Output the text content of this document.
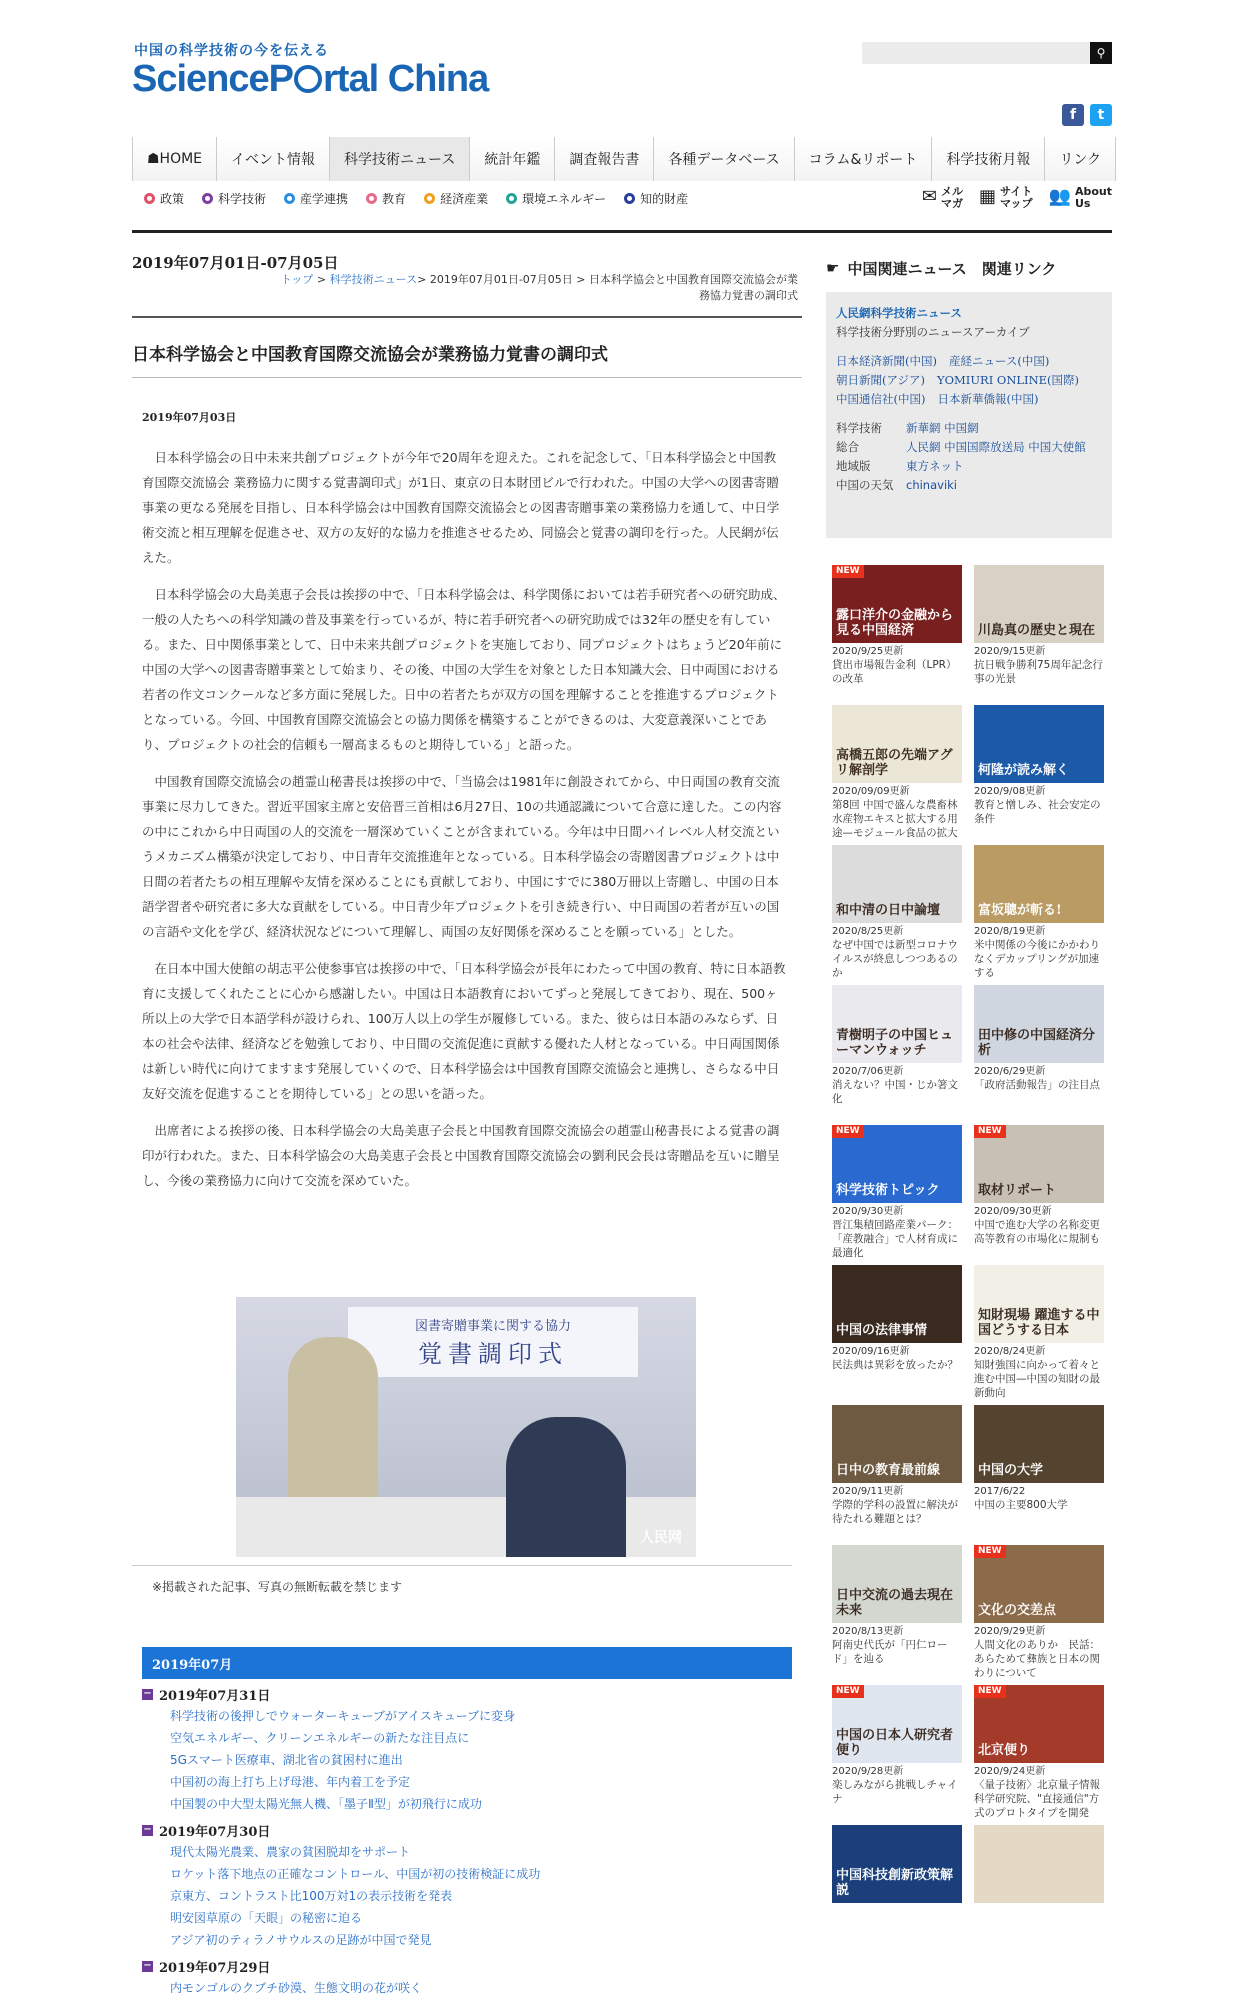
中国の科学技術の今を伝える
ScienceP rtal China
⚲
f	t
☗HOME	イベント情報	科学技術ニュース	統計年鑑	調査報告書	各種データベース	コラム&リポート	科学技術月報	リンク
政策	科学技術	産学連携	教育	経済産業	環境エネルギー	知的財産	✉ メル
マガ ▦ サイト
マップ 👥 About
Us
2019年07月01日-07月05日
トップ > 科学技術ニュース> 2019年07月01日-07月05日 > 日本科学協会と中国教育国際交流協会が業務協力覚書の調印式
日本科学協会と中国教育国際交流協会が業務協力覚書の調印式
2019年07月03日

日本科学協会の日中未来共創プロジェクトが今年で20周年を迎えた。これを記念して、「日本科学協会と中国教育国際交流協会 業務協力に関する覚書調印式」が1日、東京の日本財団ビルで行われた。中国の大学への図書寄贈事業の更なる発展を目指し、日本科学協会は中国教育国際交流協会との図書寄贈事業の業務協力を通して、中日学術交流と相互理解を促進させ、双方の友好的な協力を推進させるため、同協会と覚書の調印を行った。人民網が伝えた。

日本科学協会の大島美恵子会長は挨拶の中で、「日本科学協会は、科学関係においては若手研究者への研究助成、一般の人たちへの科学知識の普及事業を行っているが、特に若手研究者への研究助成では32年の歴史を有している。また、日中関係事業として、日中未来共創プロジェクトを実施しており、同プロジェクトはちょうど20年前に中国の大学への図書寄贈事業として始まり、その後、中国の大学生を対象とした日本知識大会、日中両国における若者の作文コンクールなど多方面に発展した。日中の若者たちが双方の国を理解することを推進するプロジェクトとなっている。今回、中国教育国際交流協会との協力関係を構築することができるのは、大変意義深いことであり、プロジェクトの社会的信頼も一層高まるものと期待している」と語った。

中国教育国際交流協会の趙霊山秘書長は挨拶の中で、「当協会は1981年に創設されてから、中日両国の教育交流事業に尽力してきた。習近平国家主席と安倍晋三首相は6月27日、10の共通認識について合意に達した。この内容の中にこれから中日両国の人的交流を一層深めていくことが含まれている。今年は中日間ハイレベル人材交流というメカニズム構築が決定しており、中日青年交流推進年となっている。日本科学協会の寄贈図書プロジェクトは中日間の若者たちの相互理解や友情を深めることにも貢献しており、中国にすでに380万冊以上寄贈し、中国の日本語学習者や研究者に多大な貢献をしている。中日青少年プロジェクトを引き続き行い、中日両国の若者が互いの国の言語や文化を学び、経済状況などについて理解し、両国の友好関係を深めることを願っている」とした。

在日本中国大使館の胡志平公使参事官は挨拶の中で、「日本科学協会が長年にわたって中国の教育、特に日本語教育に支援してくれたことに心から感謝したい。中国は日本語教育においてずっと発展してきており、現在、500ヶ所以上の大学で日本語学科が設けられ、100万人以上の学生が履修している。また、彼らは日本語のみならず、日本の社会や法律、経済などを勉強しており、中日間の交流促進に貢献する優れた人材となっている。中日両国関係は新しい時代に向けてますます発展していくので、日本科学協会は中国教育国際交流協会と連携し、さらなる中日友好交流を促進することを期待している」との思いを語った。

出席者による挨拶の後、日本科学協会の大島美恵子会長と中国教育国際交流協会の趙霊山秘書長による覚書の調印が行われた。また、日本科学協会の大島美恵子会長と中国教育国際交流協会の劉利民会長は寄贈品を互いに贈呈し、今後の業務協力に向けて交流を深めていた。

図書寄贈事業に関する協力
覚書調印式
人民网
※掲載された記事、写真の無断転載を禁じます
2019年07月
− 2019年07月31日
科学技術の後押しでウォーターキューブがアイスキューブに変身
空気エネルギー、クリーンエネルギーの新たな注目点に
5Gスマート医療車、湖北省の貧困村に進出
中国初の海上打ち上げ母港、年内着工を予定
中国製の中大型太陽光無人機、「墨子Ⅱ型」が初飛行に成功
− 2019年07月30日
現代太陽光農業、農家の貧困脱却をサポート
ロケット落下地点の正確なコントロール、中国が初の技術検証に成功
京東方、コントラスト比100万対1の表示技術を発表
明安図草原の「天眼」の秘密に迫る
アジア初のティラノサウルスの足跡が中国で発見
− 2019年07月29日
内モンゴルのクブチ砂漠、生態文明の花が咲く
☛ 中国関連ニュース　関連リンク
人民網科学技術ニュース
科学技術分野別のニュースアーカイブ
日本経済新聞(中国) 産経ニュース(中国)
朝日新聞(アジア) YOMIURI ONLINE(国際)
中国通信社(中国) 日本新華僑報(中国)
科学技術	新華網 中国網
総合	人民網 中国国際放送局 中国大使館
地域版	東方ネット
中国の天気 chinaviki
NEW
露口洋介の金融から見る中国経済
2020/9/25更新
貸出市場報告金利（LPR）の改革
川島真の歴史と現在
2020/9/15更新
抗日戦争勝利75周年記念行事の光景
高橋五郎の先端アグリ解剖学
2020/09/09更新
第8回 中国で盛んな農畜林水産物エキスと拡大する用途—モジュール食品の拡大
柯隆が読み解く
2020/9/08更新
教育と憎しみ、社会安定の条件
和中清の日中論壇
2020/8/25更新
なぜ中国では新型コロナウイルスが終息しつつあるのか
富坂聰が斬る!
2020/8/19更新
米中関係の今後にかかわりなくデカップリングが加速する
青樹明子の中国ヒューマンウォッチ
2020/7/06更新
消えない？中国・じか箸文化
田中修の中国経済分析
2020/6/29更新
「政府活動報告」の注目点
NEW
科学技術トピック
2020/9/30更新
晋江集積回路産業パーク：「産教融合」で人材育成に最適化
NEW
取材リポート
2020/09/30更新
中国で進む大学の名称変更　高等教育の市場化に規制も
中国の法律事情
2020/09/16更新
民法典は異彩を放ったか？
知財現場 躍進する中国どうする日本
2020/8/24更新
知財強国に向かって着々と進む中国—中国の知財の最新動向
日中の教育最前線
2020/9/11更新
学際的学科の設置に解決が待たれる難題とは？
中国の大学
2017/6/22
中国の主要800大学
日中交流の過去現在未来
2020/8/13更新
阿南史代氏が「円仁ロード」を辿る
NEW
文化の交差点
2020/9/29更新
人間文化のありか　民話：あらためて彝族と日本の関わりについて
NEW
中国の日本人研究者便り
2020/9/28更新
楽しみながら挑戦しチャイナ
NEW
北京便り
2020/9/24更新
〈量子技術〉北京量子情報科学研究院、"直接通信"方式のプロトタイプを開発
中国科技創新政策解説
